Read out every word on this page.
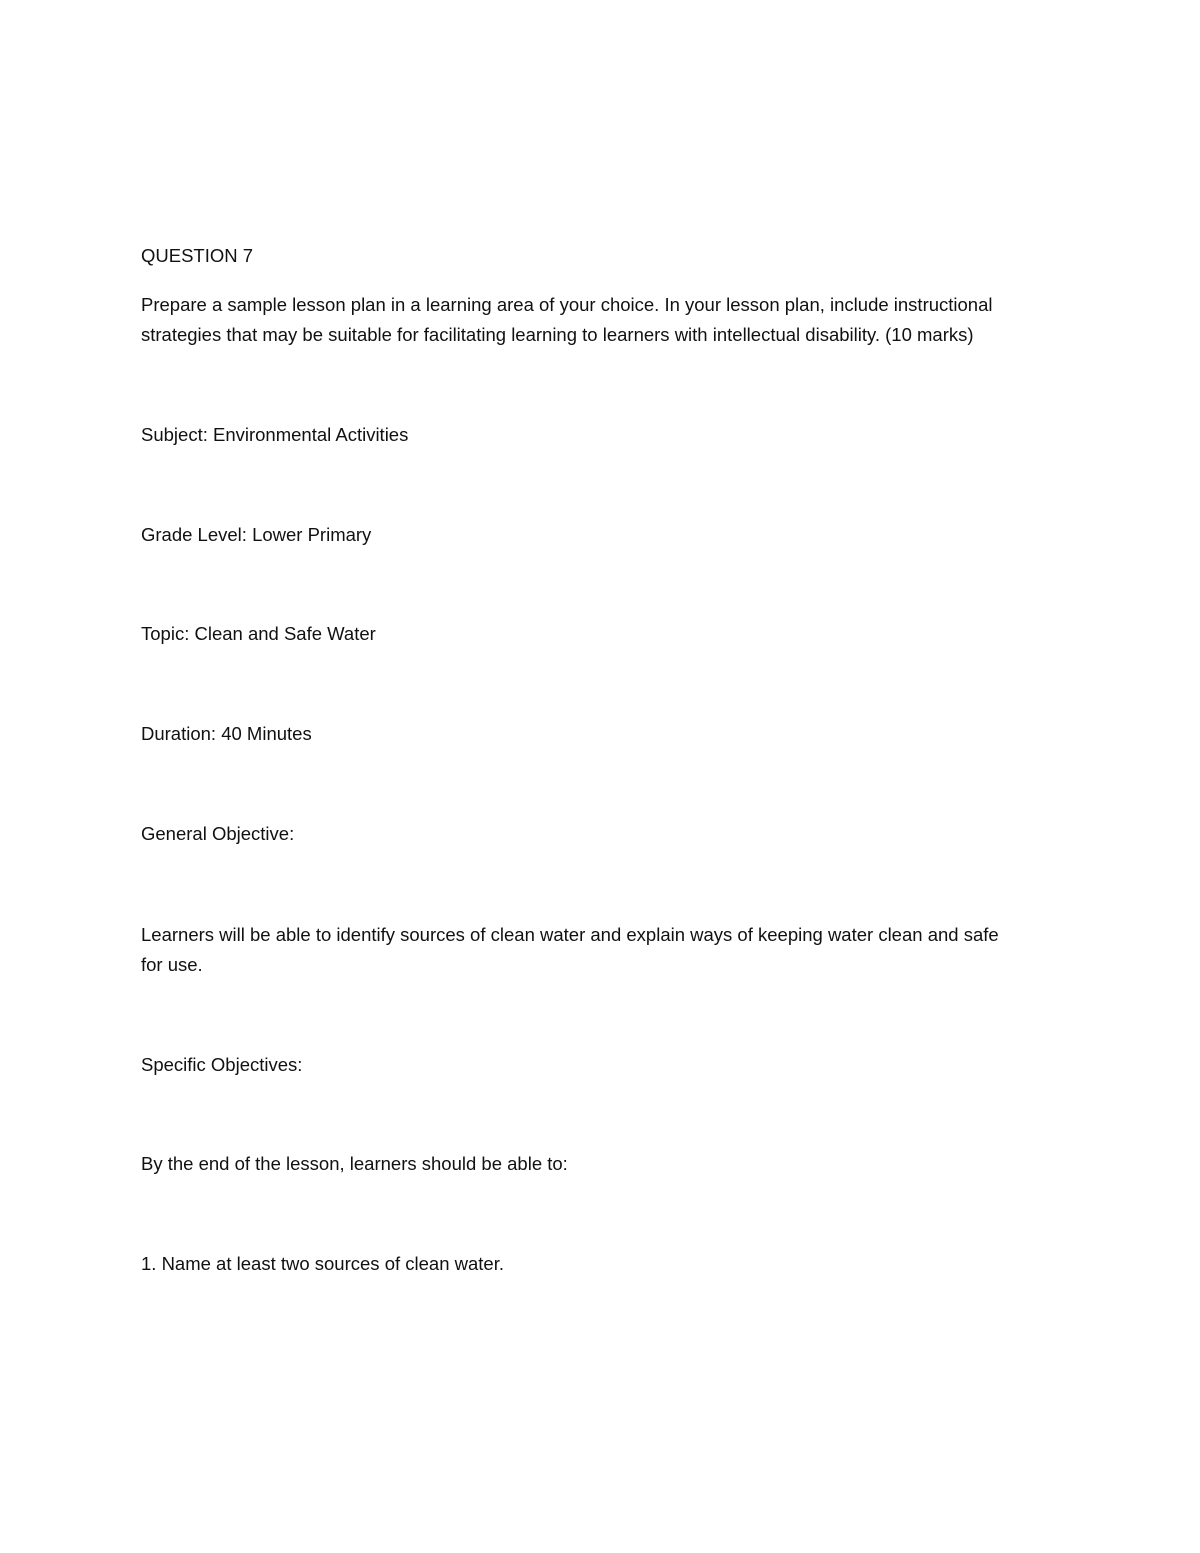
QUESTION 7
Prepare a sample lesson plan in a learning area of your choice. In your lesson plan, include instructional
strategies that may be suitable for facilitating learning to learners with intellectual disability. (10 marks)
Subject: Environmental Activities
Grade Level: Lower Primary
Topic: Clean and Safe Water
Duration: 40 Minutes
General Objective:
Learners will be able to identify sources of clean water and explain ways of keeping water clean and safe
for use.
Specific Objectives:
By the end of the lesson, learners should be able to:
1. Name at least two sources of clean water.
